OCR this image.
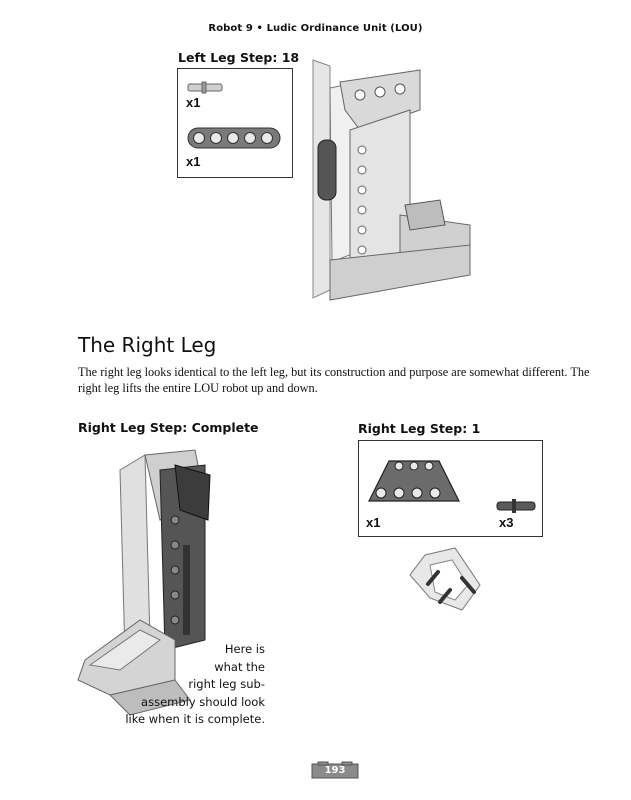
Robot 9 • Ludic Ordinance Unit (LOU)
Left Leg Step: 18
x1
x1
The Right Leg
The right leg looks identical to the left leg, but its construction and purpose are somewhat different. The right leg lifts the entire LOU robot up and down.
Right Leg Step: Complete
Here is
what the
right leg sub-
assembly should look
like when it is complete.
Right Leg Step: 1
x1	x3
193
